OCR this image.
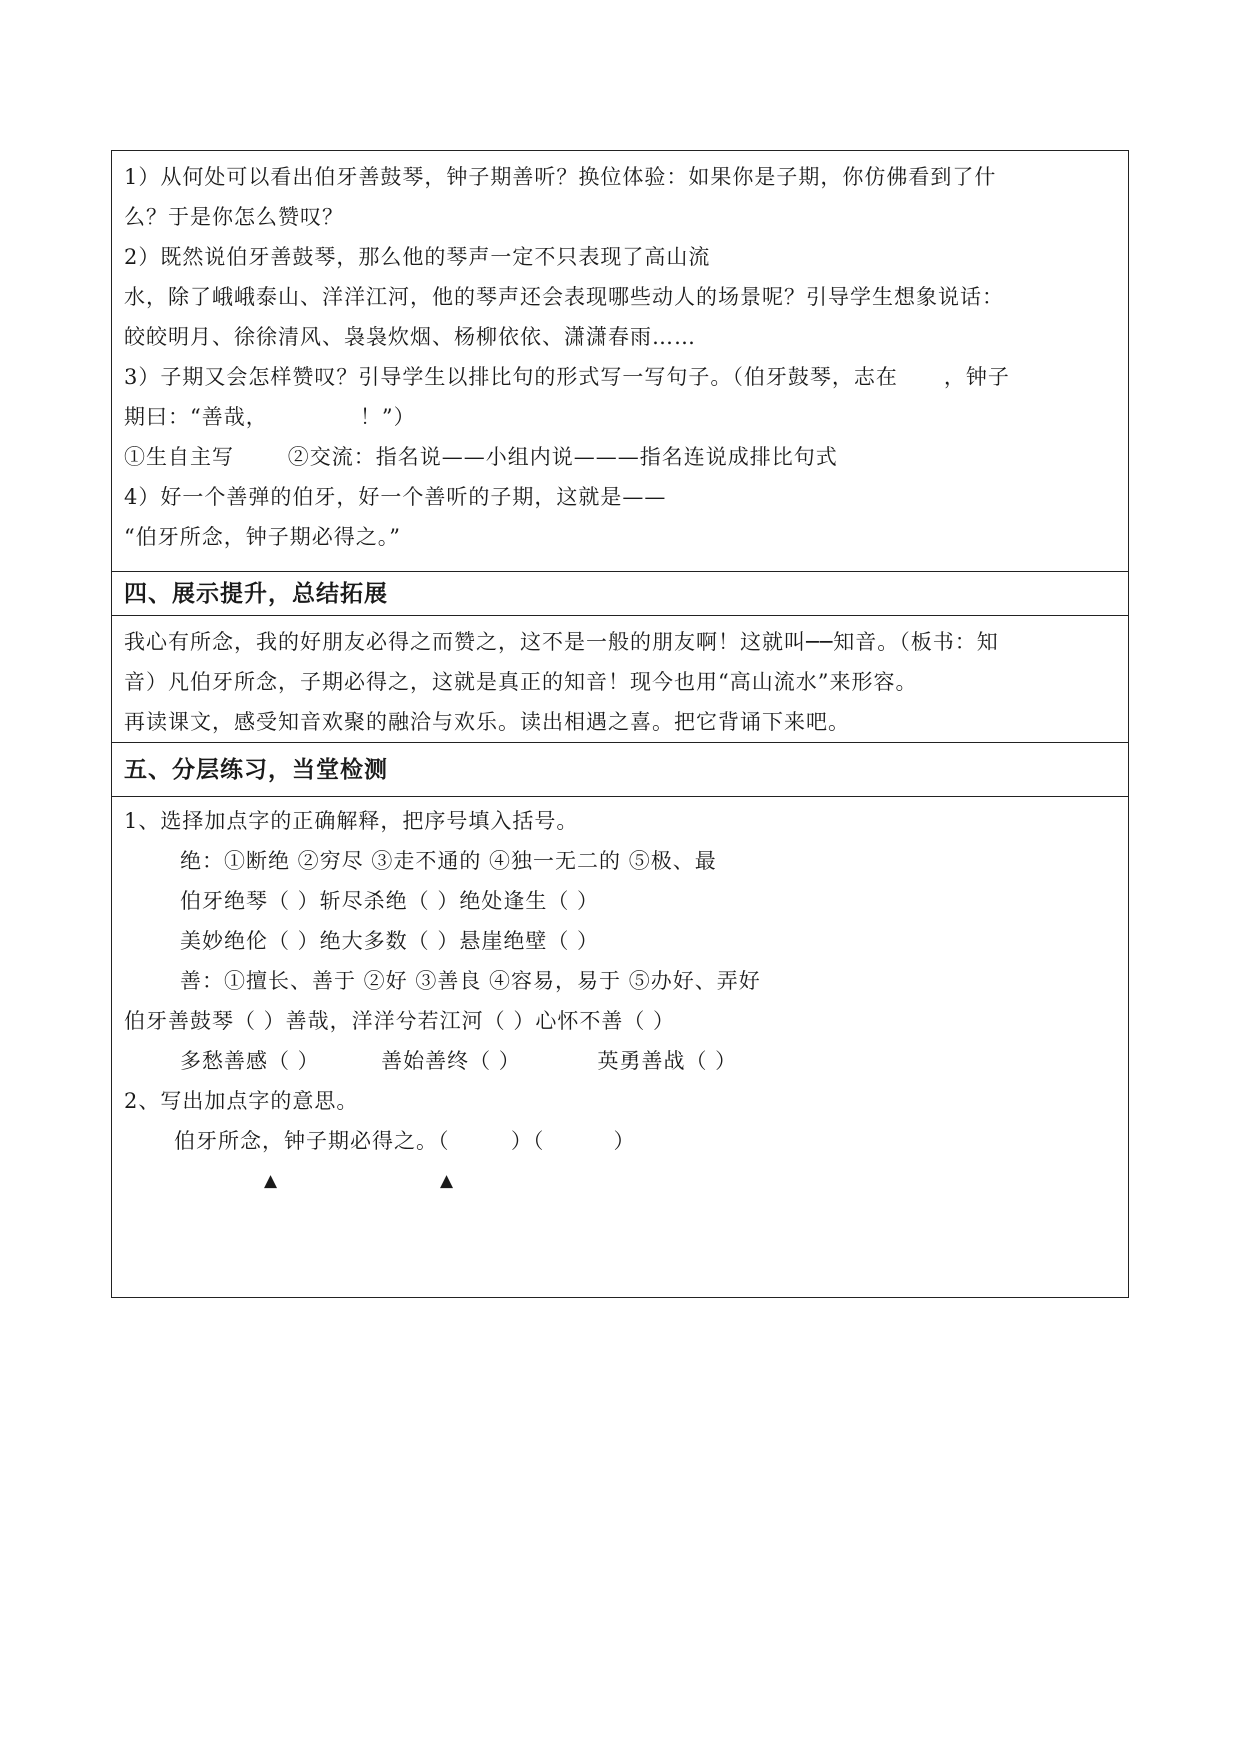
1）从何处可以看出伯牙善鼓琴，钟子期善听？换位体验：如果你是子期，你仿佛看到了什
么？于是你怎么赞叹？
2）既然说伯牙善鼓琴，那么他的琴声一定不只表现了高山流
水，除了峨峨泰山、洋洋江河，他的琴声还会表现哪些动人的场景呢？引导学生想象说话：
皎皎明月、徐徐清风、袅袅炊烟、杨柳依依、潇潇春雨……
3）子期又会怎样赞叹？引导学生以排比句的形式写一写句子。（伯牙鼓琴，志在      ，钟子
期曰：“善哉，            ！”）
①生自主写       ②交流：指名说——小组内说———指名连说成排比句式
4）好一个善弹的伯牙，好一个善听的子期，这就是——
“伯牙所念，钟子期必得之。”
四、展示提升，总结拓展
我心有所念，我的好朋友必得之而赞之，这不是一般的朋友啊！这就叫──知音。（板书：知
音）凡伯牙所念，子期必得之，这就是真正的知音！现今也用“高山流水”来形容。
再读课文，感受知音欢聚的融洽与欢乐。读出相遇之喜。把它背诵下来吧。
五、分层练习，当堂检测
1、选择加点字的正确解释，把序号填入括号。
绝：①断绝 ②穷尽 ③走不通的 ④独一无二的 ⑤极、最
伯牙绝琴（ ）斩尽杀绝（ ）绝处逢生（ ）
美妙绝伦（ ）绝大多数（ ）悬崖绝壁（ ）
善：①擅长、善于 ②好 ③善良 ④容易，易于 ⑤办好、弄好
伯牙善鼓琴（ ）善哉，洋洋兮若江河（ ）心怀不善（ ）
多愁善感（ ）        善始善终（ ）          英勇善战（ ）
2、写出加点字的意思。
伯牙所念，钟子期必得之。（        ）（         ）
▲	▲
